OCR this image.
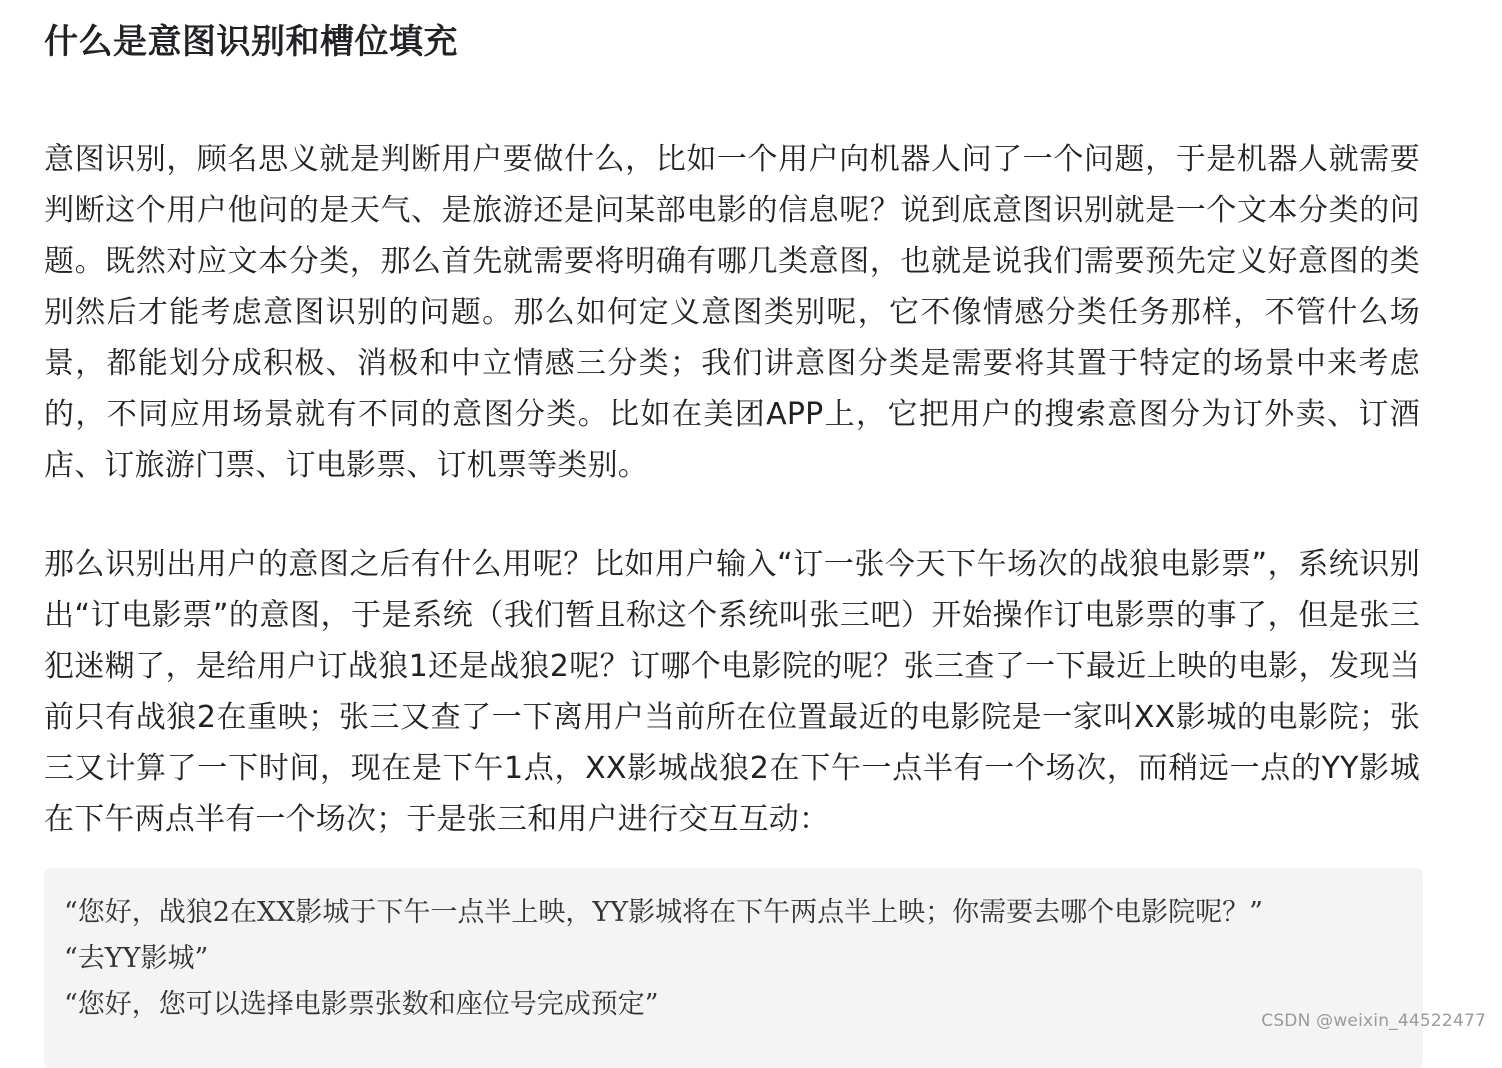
什么是意图识别和槽位填充

意图识别，顾名思义就是判断用户要做什么，比如一个用户向机器人问了一个问题，于是机器人就需要判断这个用户他问的是天气、是旅游还是问某部电影的信息呢？说到底意图识别就是一个文本分类的问题。既然对应文本分类，那么首先就需要将明确有哪几类意图，也就是说我们需要预先定义好意图的类别然后才能考虑意图识别的问题。那么如何定义意图类别呢，它不像情感分类任务那样，不管什么场景，都能划分成积极、消极和中立情感三分类；我们讲意图分类是需要将其置于特定的场景中来考虑的，不同应用场景就有不同的意图分类。比如在美团APP上，它把用户的搜索意图分为订外卖、订酒店、订旅游门票、订电影票、订机票等类别。

那么识别出用户的意图之后有什么用呢？比如用户输入“订一张今天下午场次的战狼电影票”，系统识别出“订电影票”的意图，于是系统（我们暂且称这个系统叫张三吧）开始操作订电影票的事了，但是张三犯迷糊了，是给用户订战狼1还是战狼2呢？订哪个电影院的呢？张三查了一下最近上映的电影，发现当前只有战狼2在重映；张三又查了一下离用户当前所在位置最近的电影院是一家叫XX影城的电影院；张三又计算了一下时间，现在是下午1点，XX影城战狼2在下午一点半有一个场次，而稍远一点的YY影城在下午两点半有一个场次；于是张三和用户进行交互互动：

“您好，战狼2在XX影城于下午一点半上映，YY影城将在下午两点半上映；你需要去哪个电影院呢？”
“去YY影城”
“您好，您可以选择电影票张数和座位号完成预定”
CSDN @weixin_44522477
